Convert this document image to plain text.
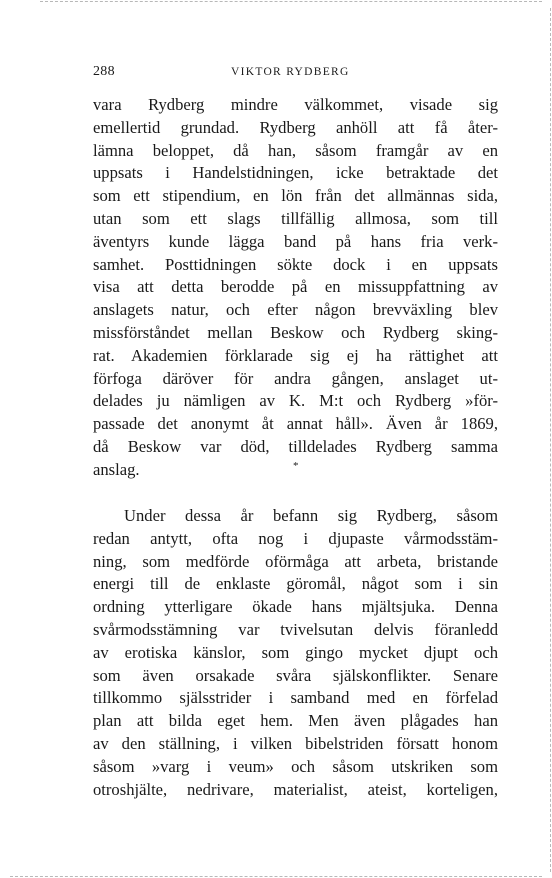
288	VIKTOR RYDBERG
vara Rydberg mindre välkommet, visade sig
emellertid grundad. Rydberg anhöll att få åter-
lämna beloppet, då han, såsom framgår av en
uppsats i Handelstidningen, icke betraktade det
som ett stipendium, en lön från det allmännas sida,
utan som ett slags tillfällig allmosa, som till
äventyrs kunde lägga band på hans fria verk-
samhet. Posttidningen sökte dock i en uppsats
visa att detta berodde på en missuppfattning av
anslagets natur, och efter någon brevväxling blev
missförståndet mellan Beskow och Rydberg sking-
rat. Akademien förklarade sig ej ha rättighet att
förfoga däröver för andra gången, anslaget ut-
delades ju nämligen av K. M:t och Rydberg »för-
passade det anonymt åt annat håll». Även år 1869,
då Beskow var död, tilldelades Rydberg samma
anslag.	*
Under dessa år befann sig Rydberg, såsom
redan antytt, ofta nog i djupaste vårmodsstäm-
ning, som medförde oförmåga att arbeta, bristande
energi till de enklaste göromål, något som i sin
ordning ytterligare ökade hans mjältsjuka. Denna
svårmodsstämning var tvivelsutan delvis föranledd
av erotiska känslor, som gingo mycket djupt och
som även orsakade svåra själskonflikter. Senare
tillkommo själsstrider i samband med en förfelad
plan att bilda eget hem. Men även plågades han
av den ställning, i vilken bibelstriden försatt honom
såsom »varg i veum» och såsom utskriken som
otroshjälte, nedrivare, materialist, ateist, korteligen,
